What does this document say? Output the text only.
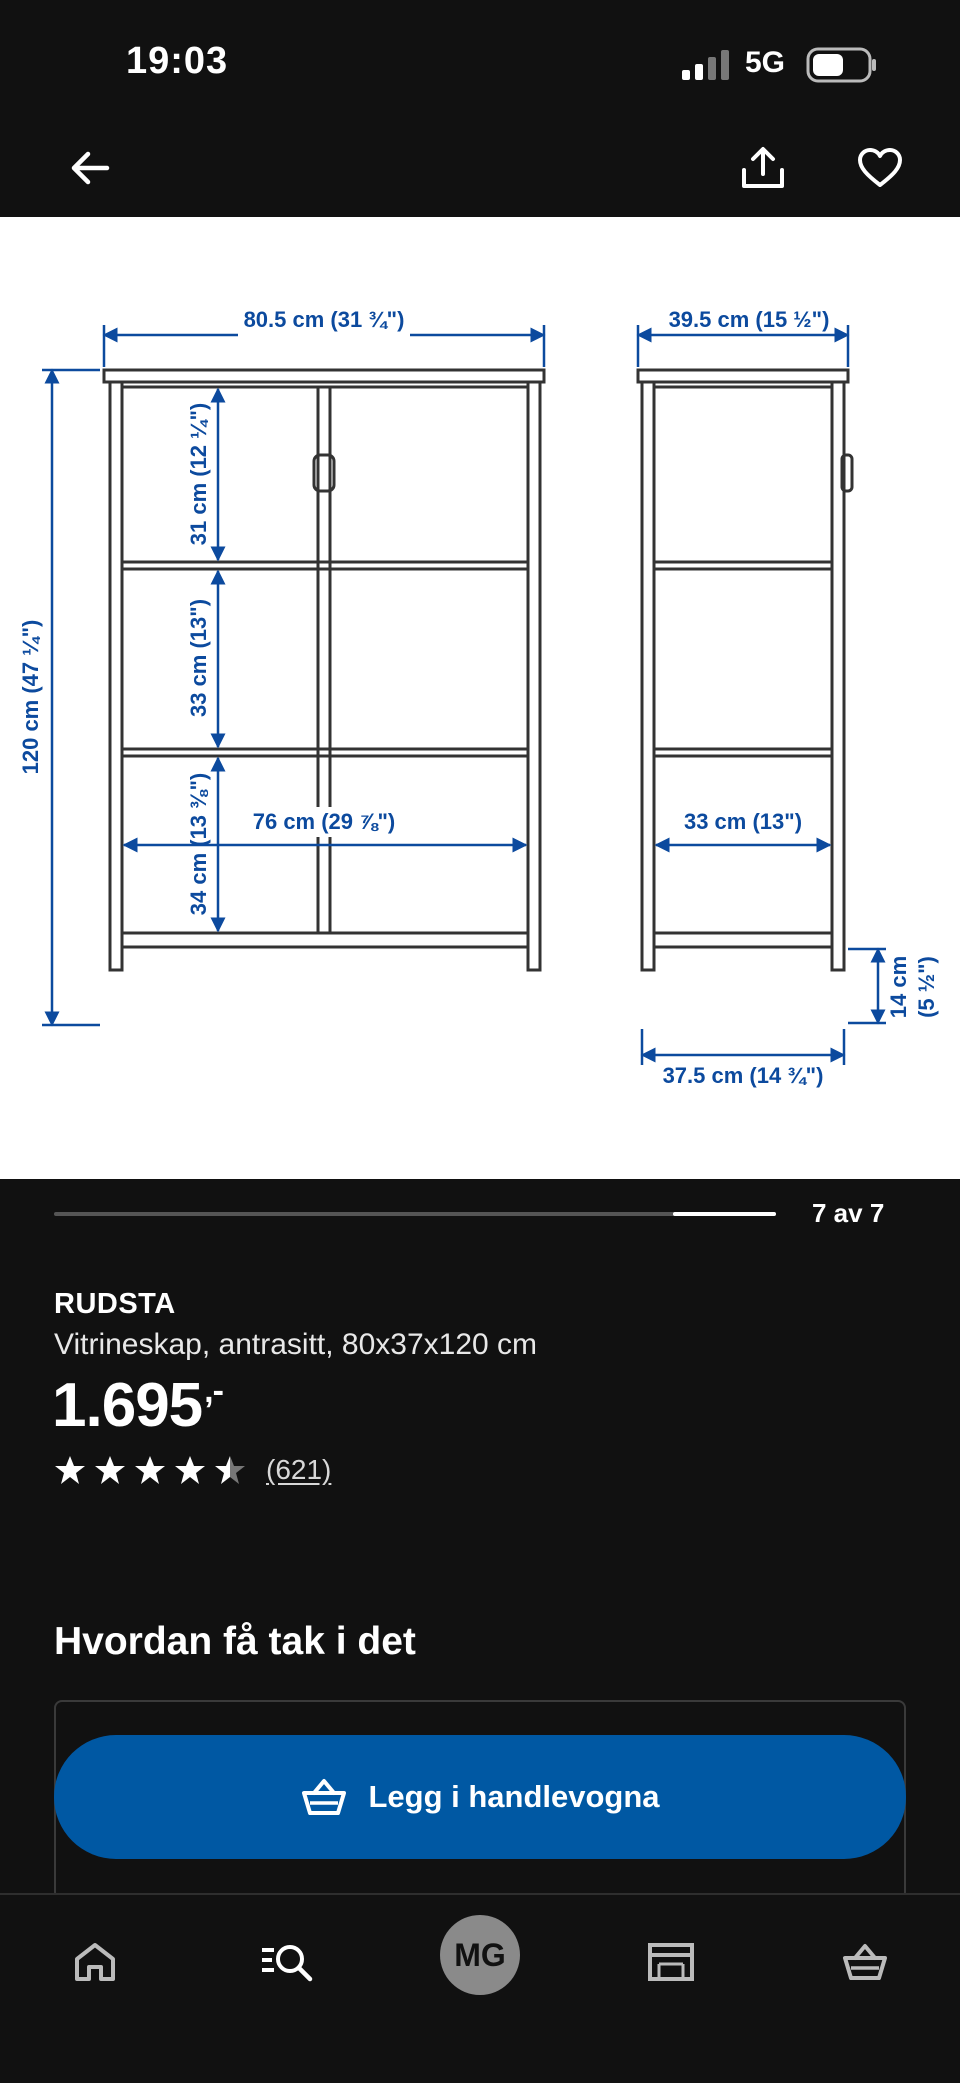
19:03	5G
80.5 cm (31 ¾")	39.5 cm (15 ½")
120 cm (47 ¼")
31 cm (12 ¼")
33 cm (13")
34 cm (13 ⅜") 76 cm (29 ⅞")	33 cm (13")
14 cm (5 ½")
37.5 cm (14 ¾")
7 av 7
RUDSTA
Vitrineskap, antrasitt, 80x37x120 cm
1.695,-
(621)
Hvordan få tak i det
Legg i handlevogna
MG
